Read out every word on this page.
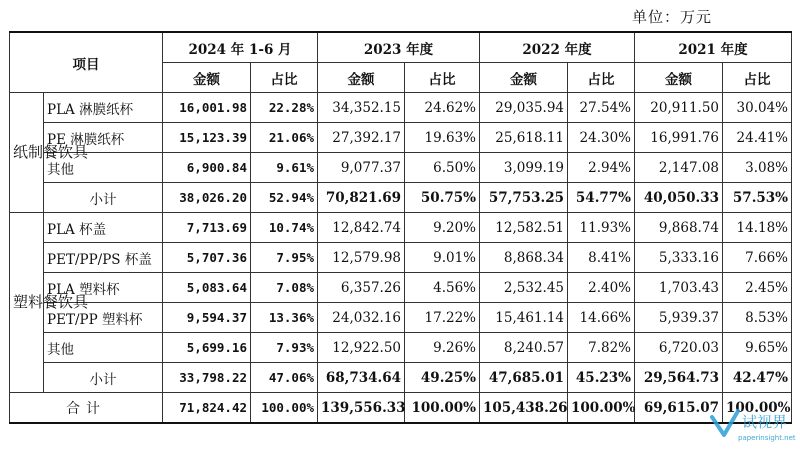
单位：万元
项目		2024 年 1-6 月		2023 年度		2022 年度		2021 年度	
		金额	占比	金额	占比	金额	占比	金额	占比
纸制餐饮具	PLA 淋膜纸杯	16,001.98	22.28%	34,352.15	24.62%	29,035.94	27.54%	20,911.50	30.04%
	PE 淋膜纸杯	15,123.39	21.06%	27,392.17	19.63%	25,618.11	24.30%	16,991.76	24.41%
	其他	6,900.84	9.61%	9,077.37	6.50%	3,099.19	2.94%	2,147.08	3.08%
	小计	38,026.20	52.94%	70,821.69	50.75%	57,753.25	54.77%	40,050.33	57.53%
塑料餐饮具	PLA 杯盖	7,713.69	10.74%	12,842.74	9.20%	12,582.51	11.93%	9,868.74	14.18%
	PET/PP/PS 杯盖	5,707.36	7.95%	12,579.98	9.01%	8,868.34	8.41%	5,333.16	7.66%
	PLA 塑料杯	5,083.64	7.08%	6,357.26	4.56%	2,532.45	2.40%	1,703.43	2.45%
	PET/PP 塑料杯	9,594.37	13.36%	24,032.16	17.22%	15,461.14	14.66%	5,939.37	8.53%
	其他	5,699.16	7.93%	12,922.50	9.26%	8,240.57	7.82%	6,720.03	9.65%
	小计	33,798.22	47.06%	68,734.64	49.25%	47,685.01	45.23%	29,564.73	42.47%
合计		71,824.42	100.00%	139,556.33	100.00%	105,438.26	100.00%	69,615.07	100.00%
试视界
paperinsight.net
